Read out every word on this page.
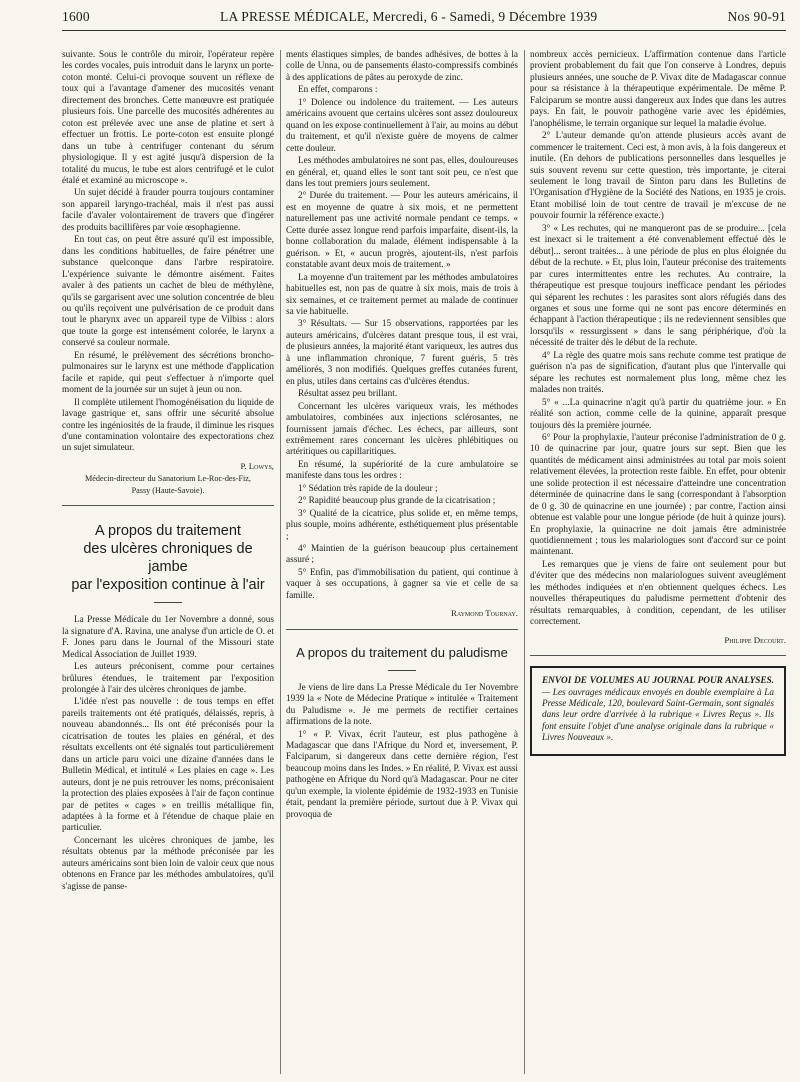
1600	LA PRESSE MÉDICALE, Mercredi, 6 - Samedi, 9 Décembre 1939	Nos 90-91

suivante. Sous le contrôle du miroir, l'opérateur repère les cordes vocales, puis introduit dans le larynx un porte-coton monté. Celui-ci provoque souvent un réflexe de toux qui a l'avantage d'amener des mucosités venant directement des bronches. Cette manœuvre est pratiquée plusieurs fois. Une parcelle des mucosités adhérentes au coton est prélevée avec une anse de platine et sert à effectuer un frottis. Le porte-coton est ensuite plongé dans un tube à centrifuger contenant du sérum physiologique. Il y est agité jusqu'à dispersion de la totalité du mucus, le tube est alors centrifugé et le culot étalé et examiné au microscope ».

Un sujet décidé à frauder pourra toujours contaminer son appareil laryngo-trachéal, mais il n'est pas aussi facile d'avaler volontairement de travers que d'ingérer des produits bacillifères par voie œsophagienne.

En tout cas, on peut être assuré qu'il est impossible, dans les conditions habituelles, de faire pénétrer une substance quelconque dans l'arbre respiratoire. L'expérience suivante le démontre aisément. Faites avaler à des patients un cachet de bleu de méthylène, qu'ils se gargarisent avec une solution concentrée de bleu ou qu'ils reçoivent une pulvérisation de ce produit dans tout le pharynx avec un appareil type de Vilbiss : alors que toute la gorge est intensément colorée, le larynx a conservé sa couleur normale.

En résumé, le prélèvement des sécrétions broncho-pulmonaires sur le larynx est une méthode d'application facile et rapide, qui peut s'effectuer à n'importe quel moment de la journée sur un sujet à jeun ou non.

Il complète utilement l'homogénéisation du liquide de lavage gastrique et, sans offrir une sécurité absolue contre les ingéniosités de la fraude, il diminue les risques d'une contamination volontaire des expectorations chez un sujet simulateur.

P. Lowys,
Médecin-directeur du Sanatorium Le-Roc-des-Fiz,
Passy (Haute-Savoie).
A propos du traitement
des ulcères chroniques de jambe
par l'exposition continue à l'air

La Presse Médicale du 1er Novembre a donné, sous la signature d'A. Ravina, une analyse d'un article de O. et F. Jones paru dans le Journal of the Missouri state Medical Association de Juillet 1939.

Les auteurs préconisent, comme pour certaines brûlures étendues, le traitement par l'exposition prolongée à l'air des ulcères chroniques de jambe.

L'idée n'est pas nouvelle : de tous temps en effet pareils traitements ont été pratiqués, délaissés, repris, à nouveau abandonnés... Ils ont été préconisés pour la cicatrisation de toutes les plaies en général, et des résultats excellents ont été signalés tout particulièrement dans un article paru voici une dizaine d'années dans le Bulletin Médical, et intitulé « Les plaies en cage ». Les auteurs, dont je ne puis retrouver les noms, préconisaient la protection des plaies exposées à l'air de façon continue par de petites « cages » en treillis métallique fin, adaptées à la forme et à l'étendue de chaque plaie en particulier.

Concernant les ulcères chroniques de jambe, les résultats obtenus par la méthode préconisée par les auteurs américains sont bien loin de valoir ceux que nous obtenons en France par les méthodes ambulatoires, qu'il s'agisse de panse-

ments élastiques simples, de bandes adhésives, de bottes à la colle de Unna, ou de pansements élasto-compressifs combinés à des applications de pâtes au peroxyde de zinc.

En effet, comparons :

1° Dolence ou indolence du traitement. — Les auteurs américains avouent que certains ulcères sont assez douloureux quand on les expose continuellement à l'air, au moins au début du traitement, et qu'il n'existe guère de moyens de calmer cette douleur.

Les méthodes ambulatoires ne sont pas, elles, douloureuses en général, et, quand elles le sont tant soit peu, ce n'est que dans les tout premiers jours seulement.

2° Durée du traitement. — Pour les auteurs américains, il est en moyenne de quatre à six mois, et ne permettent naturellement pas une activité normale pendant ce temps. « Cette durée assez longue rend parfois imparfaite, disent-ils, la bonne collaboration du malade, élément indispensable à la guérison. » Et, « aucun progrès, ajoutent-ils, n'est parfois constatable avant deux mois de traitement. »

La moyenne d'un traitement par les méthodes ambulatoires habituelles est, non pas de quatre à six mois, mais de trois à six semaines, et ce traitement permet au malade de continuer sa vie habituelle.

3° Résultats. — Sur 15 observations, rapportées par les auteurs américains, d'ulcères datant presque tous, il est vrai, de plusieurs années, la majorité étant variqueux, les autres dus à une inflammation chronique, 7 furent guéris, 5 très améliorés, 3 non modifiés. Quelques greffes cutanées furent, en plus, utiles dans certains cas d'ulcères étendus.

Résultat assez peu brillant.

Concernant les ulcères variqueux vrais, les méthodes ambulatoires, combinées aux injections sclérosantes, ne fournissent jamais d'échec. Les échecs, par ailleurs, sont extrêmement rares concernant les ulcères phlébitiques ou artéritiques ou capillaritiques.

En résumé, la supériorité de la cure ambulatoire se manifeste dans tous les ordres :

1° Sédation très rapide de la douleur ;

2° Rapidité beaucoup plus grande de la cicatrisation ;

3° Qualité de la cicatrice, plus solide et, en même temps, plus souple, moins adhérente, esthétiquement plus présentable ;

4° Maintien de la guérison beaucoup plus certainement assuré ;

5° Enfin, pas d'immobilisation du patient, qui continue à vaquer à ses occupations, à gagner sa vie et celle de sa famille.

Raymond Tournay.
A propos du traitement du paludisme

Je viens de lire dans La Presse Médicale du 1er Novembre 1939 la « Note de Médecine Pratique » intitulée « Traitement du Paludisme ». Je me permets de rectifier certaines affirmations de la note.

1° « P. Vivax, écrit l'auteur, est plus pathogène à Madagascar que dans l'Afrique du Nord et, inversement, P. Falciparum, si dangereux dans cette dernière région, l'est beaucoup moins dans les Indes. » En réalité, P. Vivax est aussi pathogène en Afrique du Nord qu'à Madagascar. Pour ne citer qu'un exemple, la violente épidémie de 1932-1933 en Tunisie était, pendant la première période, surtout due à P. Vivax qui provoqua de

nombreux accès pernicieux. L'affirmation contenue dans l'article provient probablement du fait que l'on conserve à Londres, depuis plusieurs années, une souche de P. Vivax dite de Madagascar connue pour sa résistance à la thérapeutique expérimentale. De même P. Falciparum se montre aussi dangereux aux Indes que dans les autres pays. En fait, le pouvoir pathogène varie avec les épidémies, l'anophélisme, le terrain organique sur lequel la maladie évolue.

2° L'auteur demande qu'on attende plusieurs accès avant de commencer le traitement. Ceci est, à mon avis, à la fois dangereux et inutile. (En dehors de publications personnelles dans lesquelles je suis souvent revenu sur cette question, très importante, je citerai seulement le long travail de Sinton paru dans les Bulletins de l'Organisation d'Hygiène de la Société des Nations, en 1935 je crois. Etant mobilisé loin de tout centre de travail je m'excuse de ne pouvoir fournir la référence exacte.)

3° « Les rechutes, qui ne manqueront pas de se produire... [cela est inexact si le traitement a été convenablement effectué dès le début]... seront traitées... à une période de plus en plus éloignée du début de la rechute. » Et, plus loin, l'auteur préconise des traitements par cures intermittentes entre les rechutes. Au contraire, la thérapeutique est presque toujours inefficace pendant les périodes qui séparent les rechutes : les parasites sont alors réfugiés dans des organes et sous une forme qui ne sont pas encore déterminés en échappant à l'action thérapeutique ; ils ne redeviennent sensibles que lorsqu'ils « ressurgissent » dans le sang périphérique, d'où la nécessité de traiter dès le début de la rechute.

4° La règle des quatre mois sans rechute comme test pratique de guérison n'a pas de signification, d'autant plus que l'intervalle qui sépare les rechutes est normalement plus long, même chez les malades non traités.

5° « ...La quinacrine n'agit qu'à partir du quatrième jour. » En réalité son action, comme celle de la quinine, apparaît presque toujours dès la première journée.

6° Pour la prophylaxie, l'auteur préconise l'administration de 0 g. 10 de quinacrine par jour, quatre jours sur sept. Bien que les quantités de médicament ainsi administrées au total par mois soient relativement élevées, la protection reste faible. En effet, pour obtenir une solide protection il est nécessaire d'atteindre une concentration déterminée de quinacrine dans le sang (correspondant à l'absorption de 0 g. 30 de quinacrine en une journée) ; par contre, l'action ainsi obtenue est valable pour une longue période (de huit à quinze jours). En prophylaxie, la quinacrine ne doit jamais être administrée quotidiennement ; tous les malariologues sont d'accord sur ce point maintenant.

Les remarques que je viens de faire ont seulement pour but d'éviter que des médecins non malariologues suivent aveuglément les méthodes indiquées et n'en obtiennent quelques échecs. Les nouvelles thérapeutiques du paludisme permettent d'obtenir des résultats remarquables, à condition, cependant, de les utiliser correctement.

Philippe Decourt.

ENVOI DE VOLUMES AU JOURNAL POUR ANALYSES. — Les ouvrages médicaux envoyés en double exemplaire à La Presse Médicale, 120, boulevard Saint-Germain, sont signalés dans leur ordre d'arrivée à la rubrique « Livres Reçus ». Ils font ensuite l'objet d'une analyse originale dans la rubrique « Livres Nouveaux ».
